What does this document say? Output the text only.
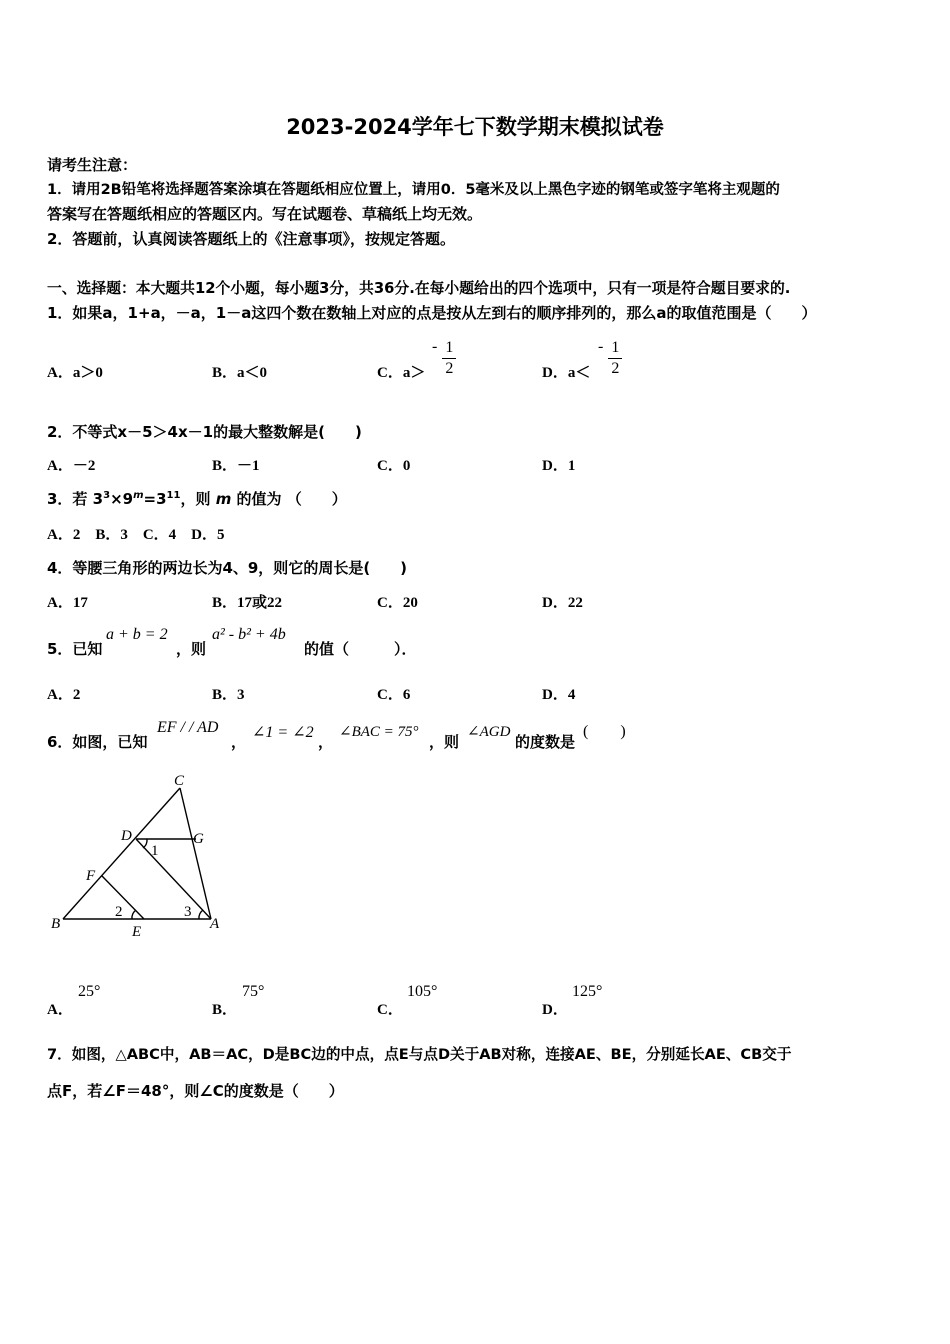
2023-2024学年七下数学期末模拟试卷
请考生注意：
1．请用2B铅笔将选择题答案涂填在答题纸相应位置上，请用0．5毫米及以上黑色字迹的钢笔或签字笔将主观题的
答案写在答题纸相应的答题区内。写在试题卷、草稿纸上均无效。
2．答题前，认真阅读答题纸上的《注意事项》，按规定答题。
一、选择题：本大题共12个小题，每小题3分，共36分.在每小题给出的四个选项中，只有一项是符合题目要求的.
1．如果a，1+a，－a，1－a这四个数在数轴上对应的点是按从左到右的顺序排列的，那么a的取值范围是（　　）
A．a＞0	B．a＜0	C．a＞
- $\frac{1}{2}$	D．a＜
- $\frac{1}{2}$
2．不等式x－5＞4x－1的最大整数解是(　　)
A．－2	B．－1	C．0	D．1
3．若 $3^3\times 9^m=3^{11}$，则 m 的值为 （　　）
A．2　B．3　C．4　D．5
4．等腰三角形的两边长为4、9，则它的周长是(　　)
A．17	B．17或22	C．20	D．22
5．已知
a + b = 2
，则
a² - b² + 4b
的值（　　　）．
A．2	B．3	C．6	D．4
6．如图，已知
EF / / AD
，
∠1 = ∠2
，
∠BAC = 75°
，则
∠AGD
的度数是
(　　)
C
D	G
1
F
2	3
B	E	A
A．
25°
B．
75°
C．
105°
D．
125°
7．如图，△ABC中，AB＝AC，D是BC边的中点，点E与点D关于AB对称，连接AE、BE，分别延长AE、CB交于
点F，若∠F＝48°，则∠C的度数是（　　）
